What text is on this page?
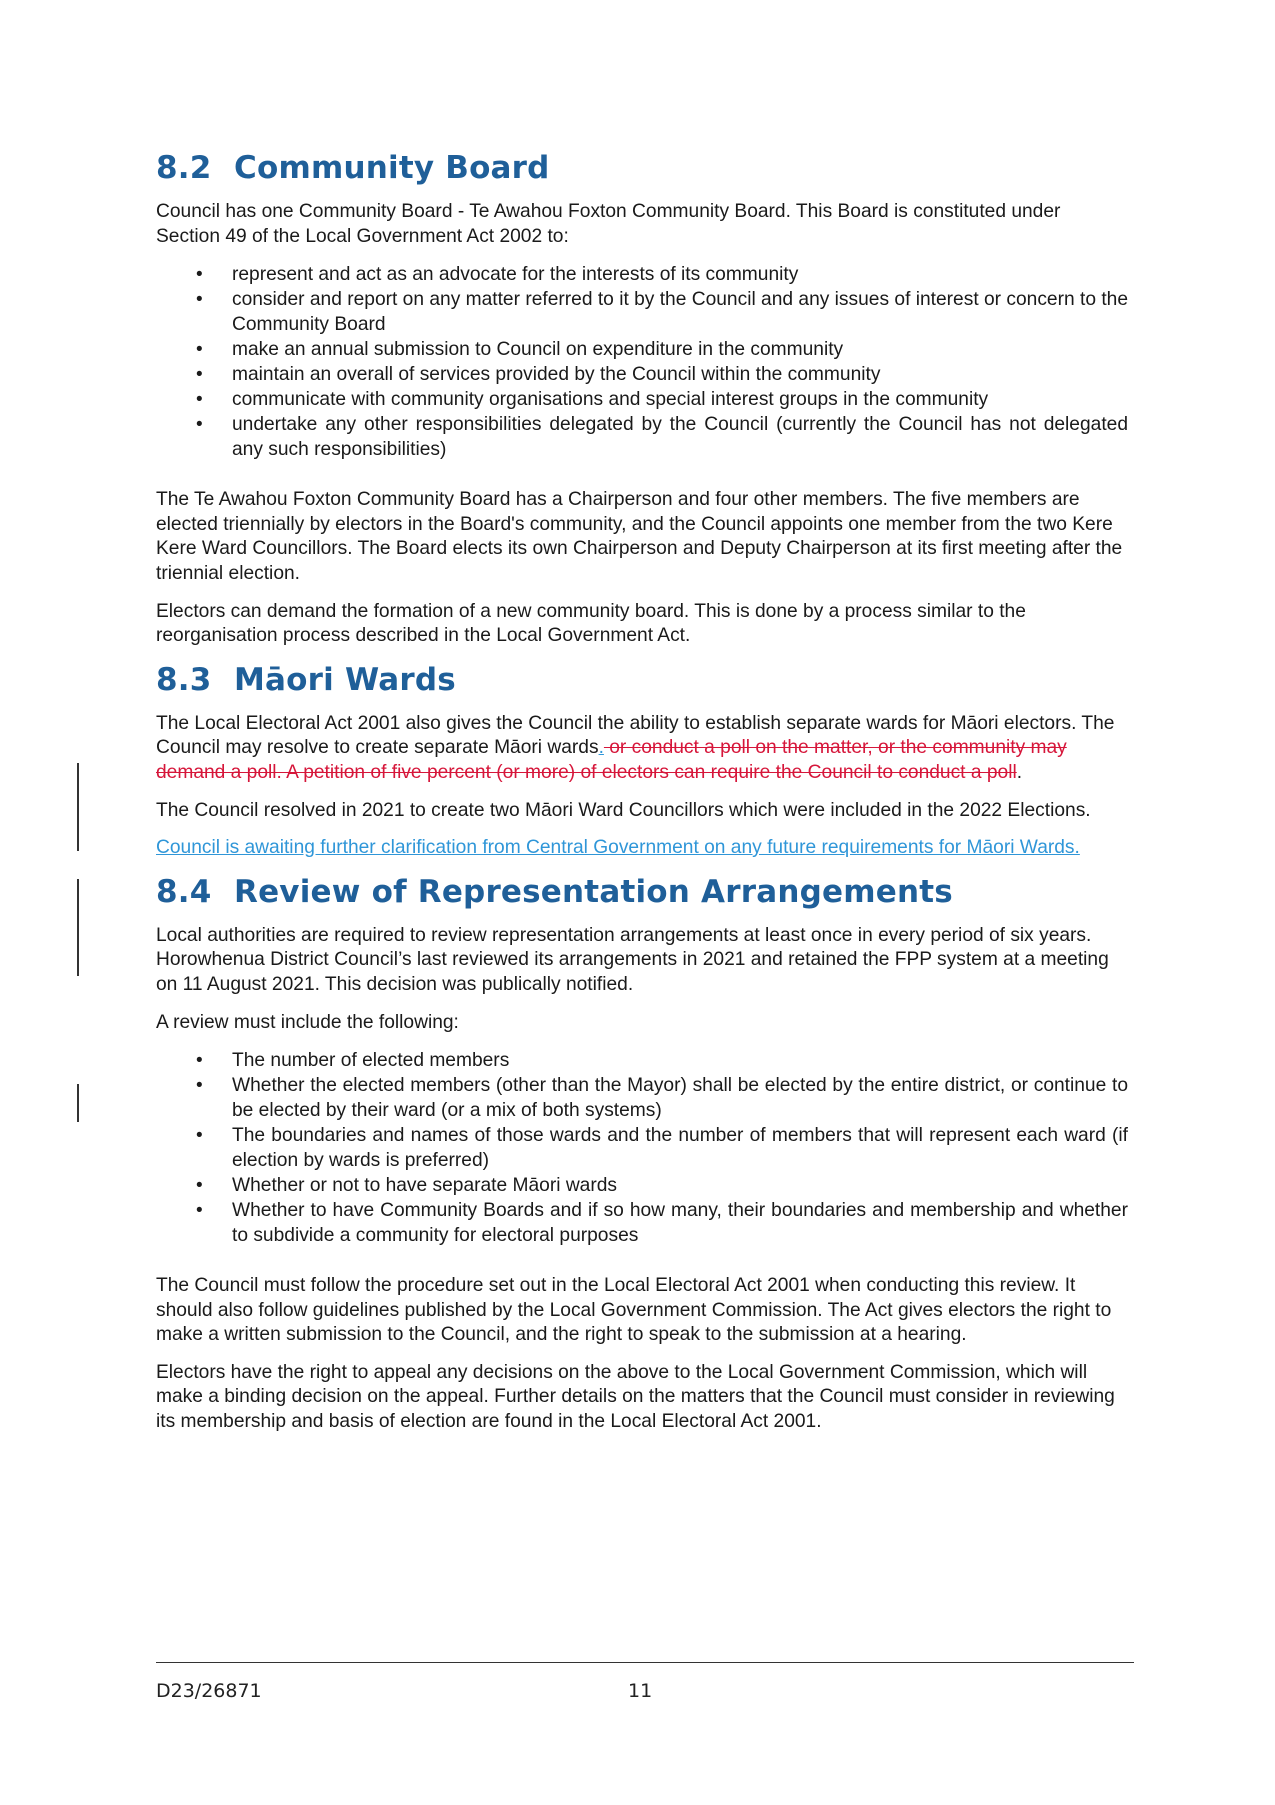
8.2 Community Board

Council has one Community Board - Te Awahou Foxton Community Board. This Board is constituted under Section 49 of the Local Government Act 2002 to:

• represent and act as an advocate for the interests of its community
• consider and report on any matter referred to it by the Council and any issues of interest or concern to the Community Board
• make an annual submission to Council on expenditure in the community
• maintain an overall of services provided by the Council within the community
• communicate with community organisations and special interest groups in the community
• undertake any other responsibilities delegated by the Council (currently the Council has not delegated any such responsibilities)

The Te Awahou Foxton Community Board has a Chairperson and four other members. The five members are elected triennially by electors in the Board's community, and the Council appoints one member from the two Kere Kere Ward Councillors. The Board elects its own Chairperson and Deputy Chairperson at its first meeting after the triennial election.

Electors can demand the formation of a new community board. This is done by a process similar to the reorganisation process described in the Local Government Act.

8.3 Māori Wards

The Local Electoral Act 2001 also gives the Council the ability to establish separate wards for Māori electors. The Council may resolve to create separate Māori wards. or conduct a poll on the matter, or the community may demand a poll. A petition of five percent (or more) of electors can require the Council to conduct a poll.

The Council resolved in 2021 to create two Māori Ward Councillors which were included in the 2022 Elections.

Council is awaiting further clarification from Central Government on any future requirements for Māori Wards.

8.4 Review of Representation Arrangements

Local authorities are required to review representation arrangements at least once in every period of six years. Horowhenua District Council’s last reviewed its arrangements in 2021 and retained the FPP system at a meeting on 11 August 2021. This decision was publically notified.

A review must include the following:

• The number of elected members
• Whether the elected members (other than the Mayor) shall be elected by the entire district, or continue to be elected by their ward (or a mix of both systems)
• The boundaries and names of those wards and the number of members that will represent each ward (if election by wards is preferred)
• Whether or not to have separate Māori wards
• Whether to have Community Boards and if so how many, their boundaries and membership and whether to subdivide a community for electoral purposes

The Council must follow the procedure set out in the Local Electoral Act 2001 when conducting this review. It should also follow guidelines published by the Local Government Commission. The Act gives electors the right to make a written submission to the Council, and the right to speak to the submission at a hearing.

Electors have the right to appeal any decisions on the above to the Local Government Commission, which will make a binding decision on the appeal. Further details on the matters that the Council must consider in reviewing its membership and basis of election are found in the Local Electoral Act 2001.

D23/26871	11
